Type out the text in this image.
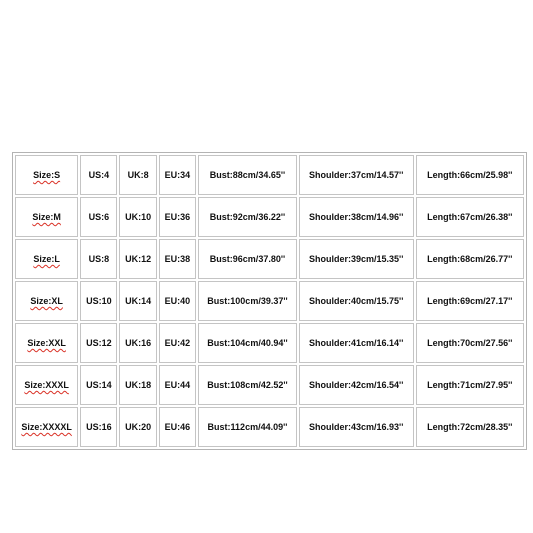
Size:S	US:4	UK:8	EU:34	Bust:88cm/34.65''	Shoulder:37cm/14.57''	Length:66cm/25.98''
Size:M	US:6	UK:10	EU:36	Bust:92cm/36.22''	Shoulder:38cm/14.96''	Length:67cm/26.38''
Size:L	US:8	UK:12	EU:38	Bust:96cm/37.80''	Shoulder:39cm/15.35''	Length:68cm/26.77''
Size:XL	US:10	UK:14	EU:40	Bust:100cm/39.37''	Shoulder:40cm/15.75''	Length:69cm/27.17''
Size:XXL	US:12	UK:16	EU:42	Bust:104cm/40.94''	Shoulder:41cm/16.14''	Length:70cm/27.56''
Size:XXXL	US:14	UK:18	EU:44	Bust:108cm/42.52''	Shoulder:42cm/16.54''	Length:71cm/27.95''
Size:XXXXL	US:16	UK:20	EU:46	Bust:112cm/44.09''	Shoulder:43cm/16.93''	Length:72cm/28.35''
